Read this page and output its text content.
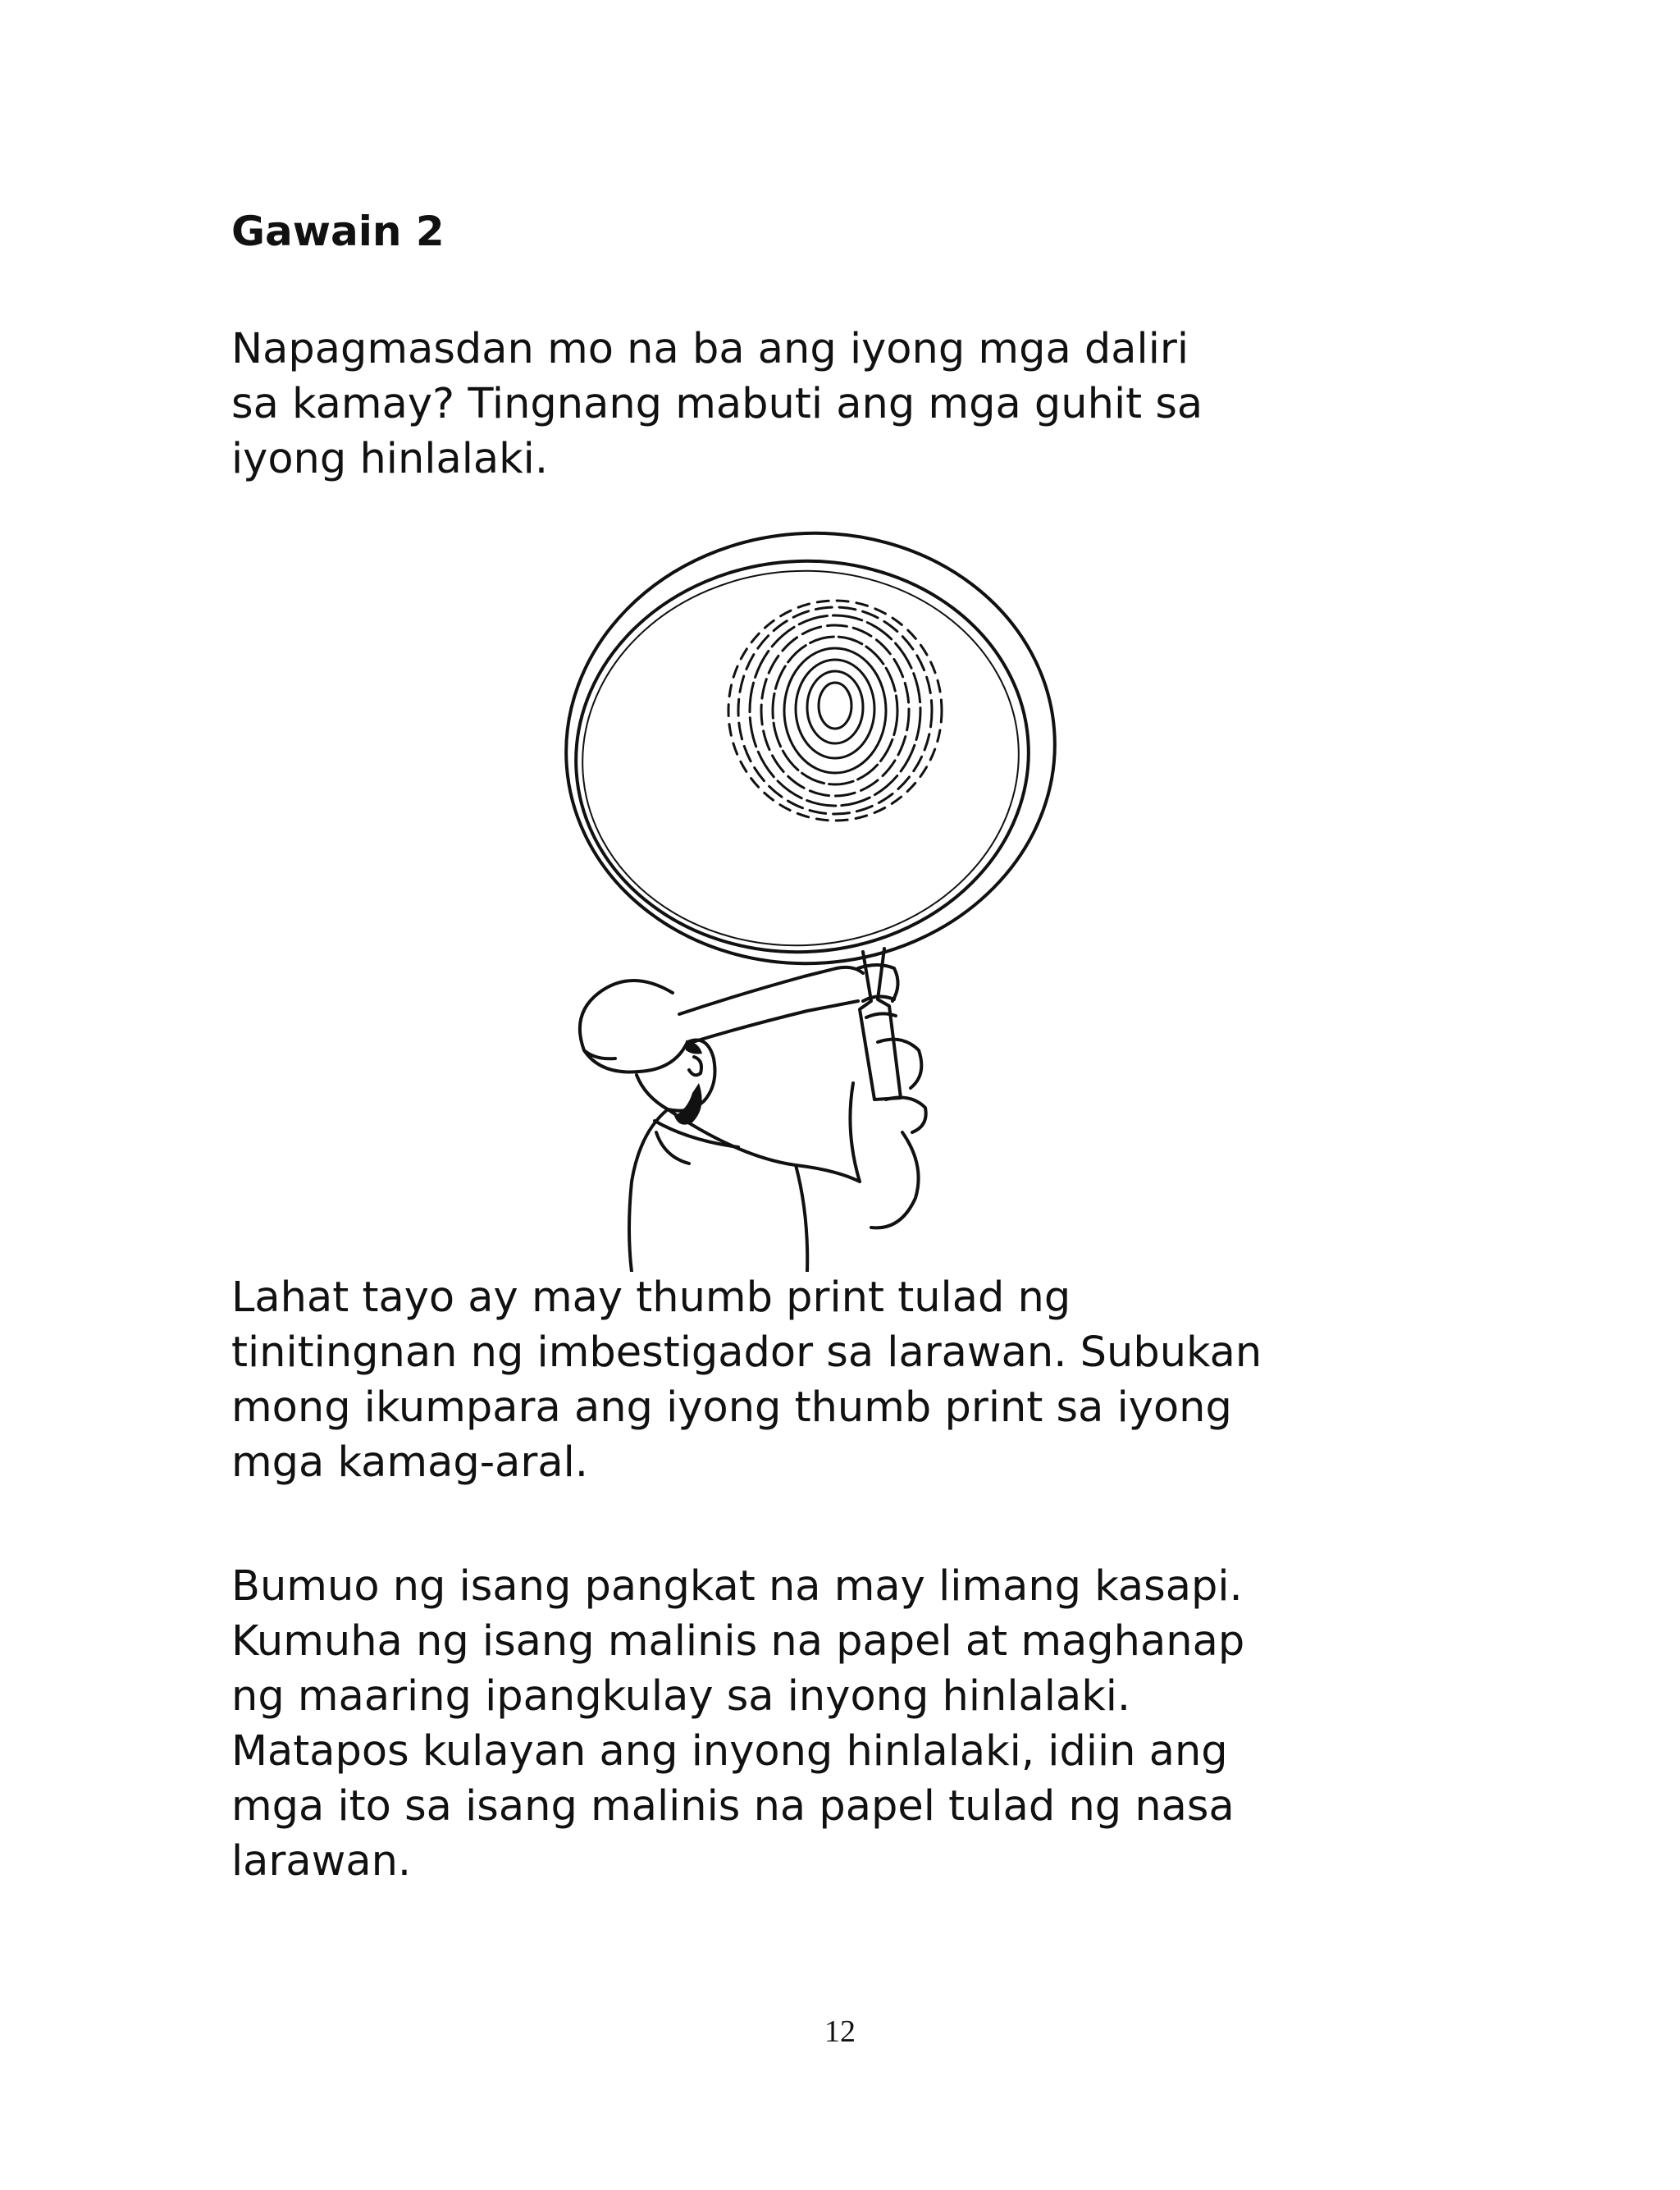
Gawain 2

Napagmasdan mo na ba ang iyong mga daliri
sa kamay? Tingnang mabuti ang mga guhit sa
iyong hinlalaki.

Lahat tayo ay may thumb print tulad ng
tinitingnan ng imbestigador sa larawan. Subukan
mong ikumpara ang iyong thumb print sa iyong
mga kamag-aral.

Bumuo ng isang pangkat na may limang kasapi.
Kumuha ng isang malinis na papel at maghanap
ng maaring ipangkulay sa inyong hinlalaki.
Matapos kulayan ang inyong hinlalaki, idiin ang
mga ito sa isang malinis na papel tulad ng nasa
larawan.

12
